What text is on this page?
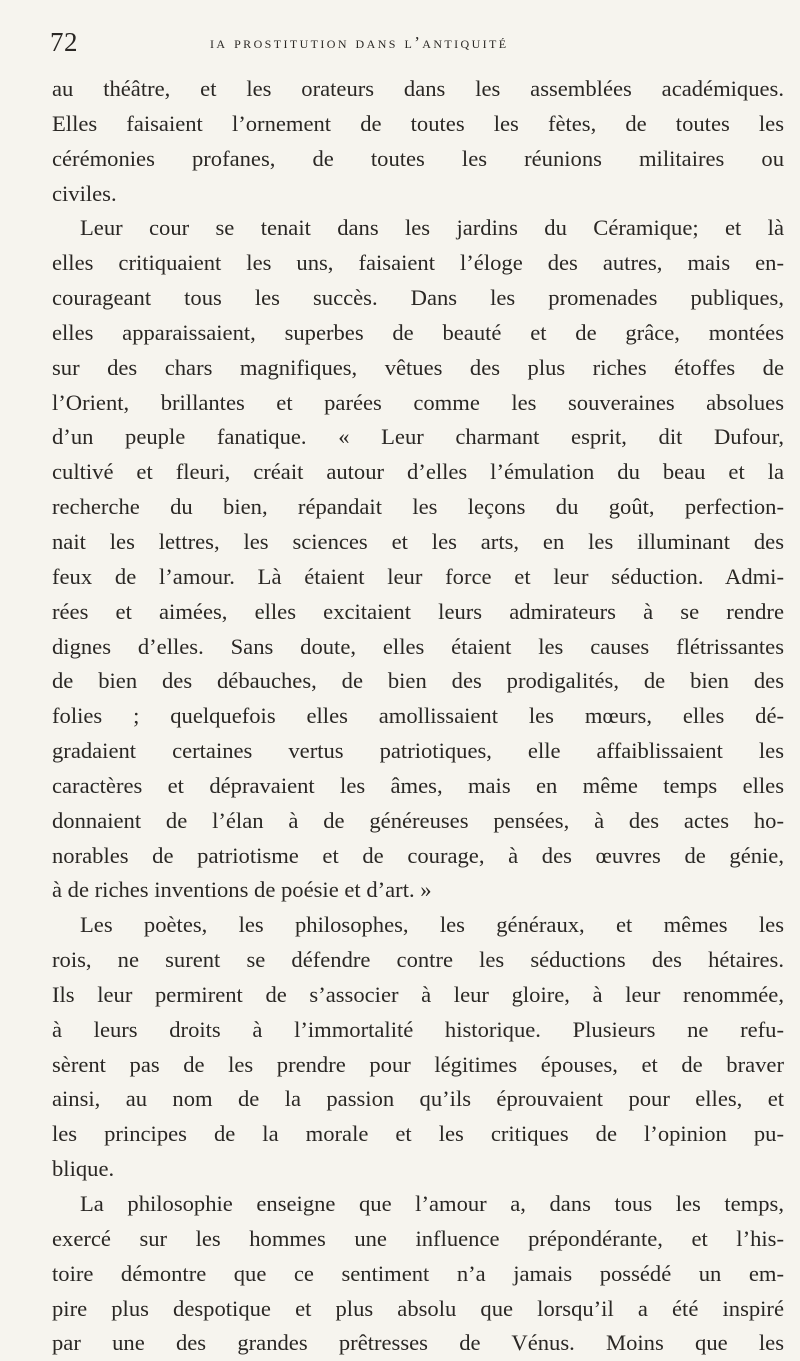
72	ia prostitution dans l’antiquité
au théâtre, et les orateurs dans les assemblées académiques.
Elles faisaient l’ornement de toutes les fètes, de toutes les
cérémonies profanes, de toutes les réunions militaires ou
civiles.
Leur cour se tenait dans les jardins du Céramique; et là
elles critiquaient les uns, faisaient l’éloge des autres, mais en-
courageant tous les succès. Dans les promenades publiques,
elles apparaissaient, superbes de beauté et de grâce, montées
sur des chars magnifiques, vêtues des plus riches étoffes de
l’Orient, brillantes et parées comme les souveraines absolues
d’un peuple fanatique. « Leur charmant esprit, dit Dufour,
cultivé et fleuri, créait autour d’elles l’émulation du beau et la
recherche du bien, répandait les leçons du goût, perfection-
nait les lettres, les sciences et les arts, en les illuminant des
feux de l’amour. Là étaient leur force et leur séduction. Admi-
rées et aimées, elles excitaient leurs admirateurs à se rendre
dignes d’elles. Sans doute, elles étaient les causes flétrissantes
de bien des débauches, de bien des prodigalités, de bien des
folies ; quelquefois elles amollissaient les mœurs, elles dé-
gradaient certaines vertus patriotiques, elle affaiblissaient les
caractères et dépravaient les âmes, mais en même temps elles
donnaient de l’élan à de généreuses pensées, à des actes ho-
norables de patriotisme et de courage, à des œuvres de génie,
à de riches inventions de poésie et d’art. »
Les poètes, les philosophes, les généraux, et mêmes les
rois, ne surent se défendre contre les séductions des hétaires.
Ils leur permirent de s’associer à leur gloire, à leur renommée,
à leurs droits à l’immortalité historique. Plusieurs ne refu-
sèrent pas de les prendre pour légitimes épouses, et de braver
ainsi, au nom de la passion qu’ils éprouvaient pour elles, et
les principes de la morale et les critiques de l’opinion pu-
blique.
La philosophie enseigne que l’amour a, dans tous les temps,
exercé sur les hommes une influence prépondérante, et l’his-
toire démontre que ce sentiment n’a jamais possédé un em-
pire plus despotique et plus absolu que lorsqu’il a été inspiré
par une des grandes prêtresses de Vénus. Moins que les
